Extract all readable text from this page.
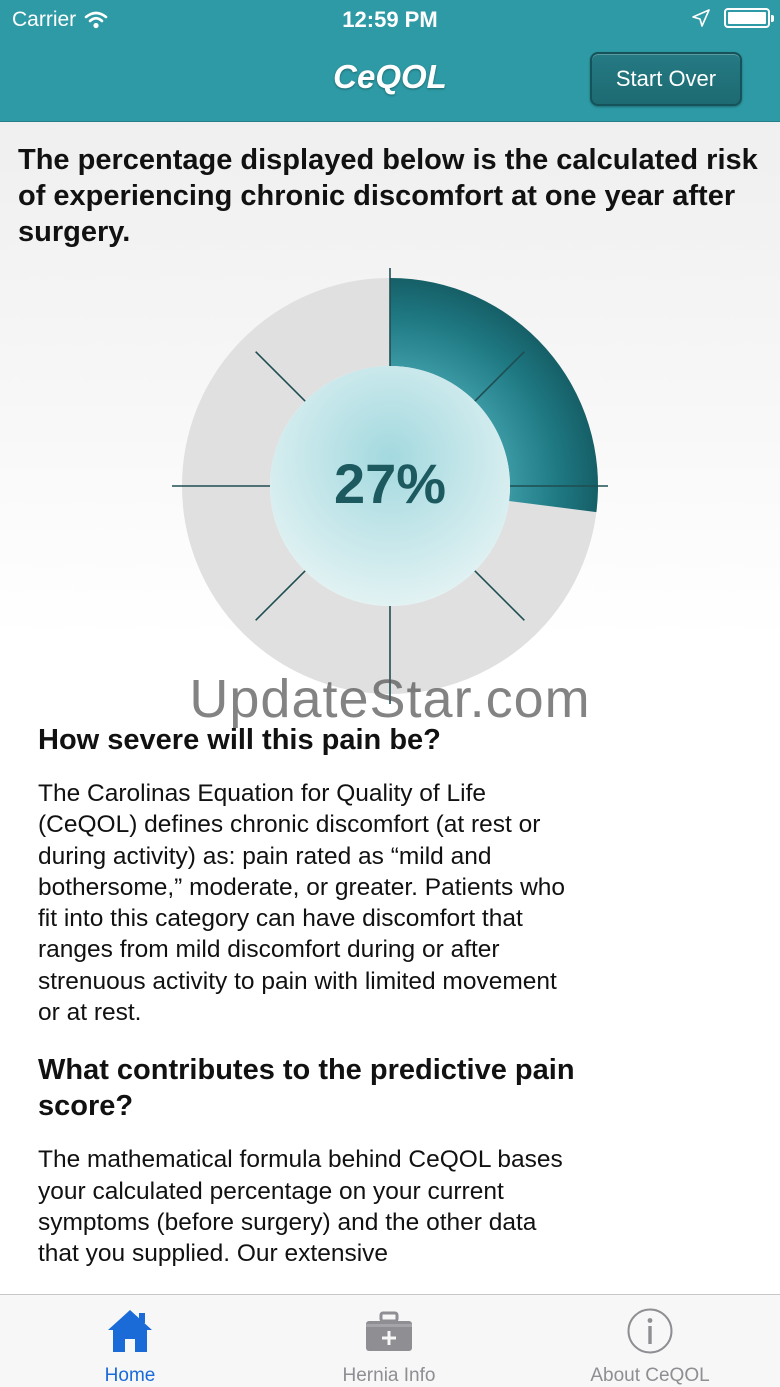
Carrier	12:59 PM
CeQOL	Start Over
The percentage displayed below is the calculated risk of experiencing chronic discomfort at one year after surgery.
27%
UpdateStar.com
How severe will this pain be?

The Carolinas Equation for Quality of Life (CeQOL) defines chronic discomfort (at rest or during activity) as: pain rated as “mild and bothersome,” moderate, or greater. Patients who fit into this category can have discomfort that ranges from mild discomfort during or after strenuous activity to pain with limited movement or at rest.

What contributes to the predictive pain score?

The mathematical formula behind CeQOL bases your calculated percentage on your current symptoms (before surgery) and the other data that you supplied. Our extensive

Home	Hernia Info	About CeQOL
